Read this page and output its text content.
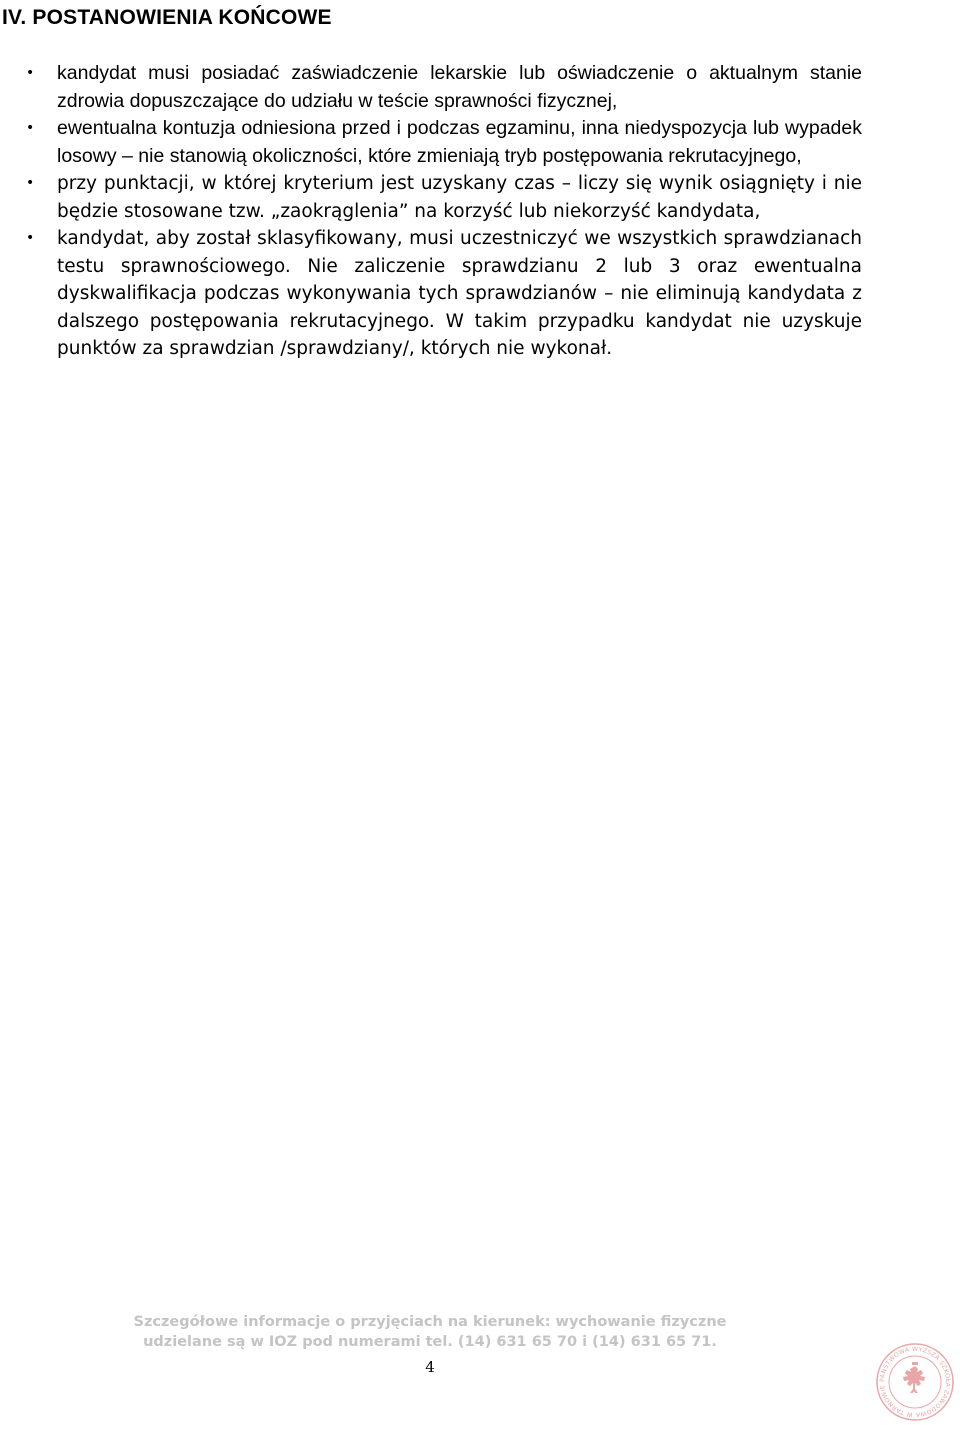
IV. POSTANOWIENIA KOŃCOWE
• kandydat musi posiadać zaświadczenie lekarskie lub oświadczenie o aktualnym stanie zdrowia dopuszczające do udziału w teście sprawności fizycznej,
• ewentualna kontuzja odniesiona przed i podczas egzaminu, inna niedyspozycja lub wypadek losowy – nie stanowią okoliczności, które zmieniają tryb postępowania rekrutacyjnego,
• przy punktacji, w której kryterium jest uzyskany czas – liczy się wynik osiągnięty i nie będzie stosowane tzw. „zaokrąglenia” na korzyść lub niekorzyść kandydata,
• kandydat, aby został sklasyfikowany, musi uczestniczyć we wszystkich sprawdzianach testu sprawnościowego. Nie zaliczenie sprawdzianu 2 lub 3 oraz ewentualna dyskwalifikacja podczas wykonywania tych sprawdzianów – nie eliminują kandydata z dalszego postępowania rekrutacyjnego. W takim przypadku kandydat nie uzyskuje punktów za sprawdzian /sprawdziany/, których nie wykonał.
Szczegółowe informacje o przyjęciach na kierunek: wychowanie fizyczne
udzielane są w IOZ pod numerami tel. (14) 631 65 70 i (14) 631 65 71.
4
PAŃSTWOWA WYŻSZA SZKOŁA ZAWODOWA W TARNOWIE
